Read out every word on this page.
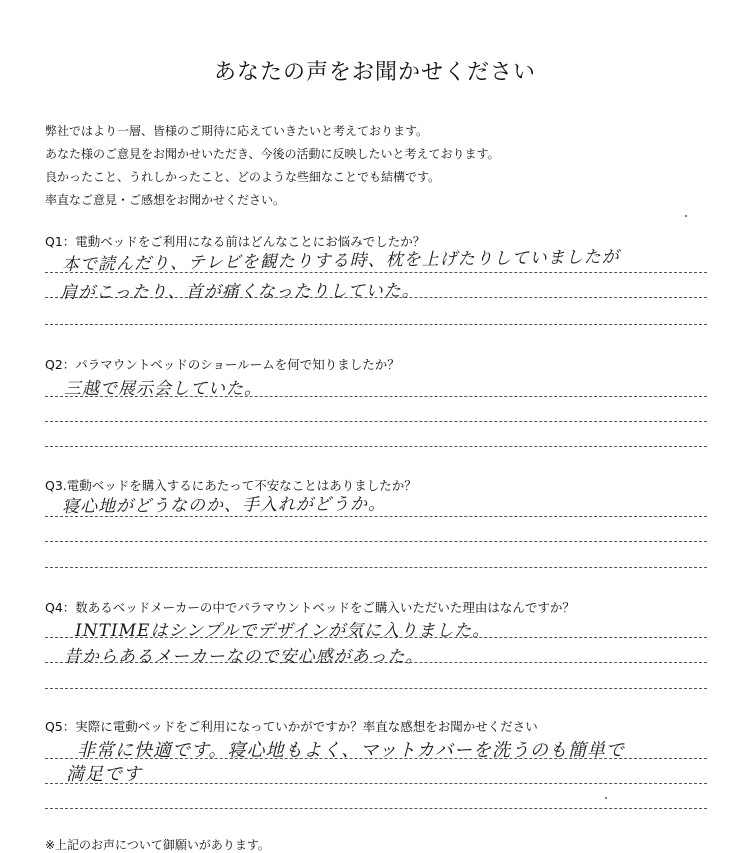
あなたの声をお聞かせください
弊社ではより一層、皆様のご期待に応えていきたいと考えております。
あなた様のご意見をお聞かせいただき、今後の活動に反映したいと考えております。
良かったこと、うれしかったこと、どのような些細なことでも結構です。
率直なご意見・ご感想をお聞かせください。
Q1：電動ベッドをご利用になる前はどんなことにお悩みでしたか？
本で読んだり、テレビを観たりする時、枕を上げたりしていましたが
肩がこったり、首が痛くなったりしていた。
Q2：パラマウントベッドのショールームを何で知りましたか？
三越で展示会していた。
Q3.電動ベッドを購入するにあたって不安なことはありましたか？
寝心地がどうなのか、手入れがどうか。
Q4：数あるベッドメーカーの中でパラマウントベッドをご購入いただいた理由はなんですか？
INTIMEはシンプルでデザインが気に入りました。
昔からあるメーカーなので安心感があった。
Q5：実際に電動ベッドをご利用になっていかがですか？率直な感想をお聞かせください
非常に快適です。寝心地もよく、マットカバーを洗うのも簡単で
満足です
※上記のお声について御願いがあります。
